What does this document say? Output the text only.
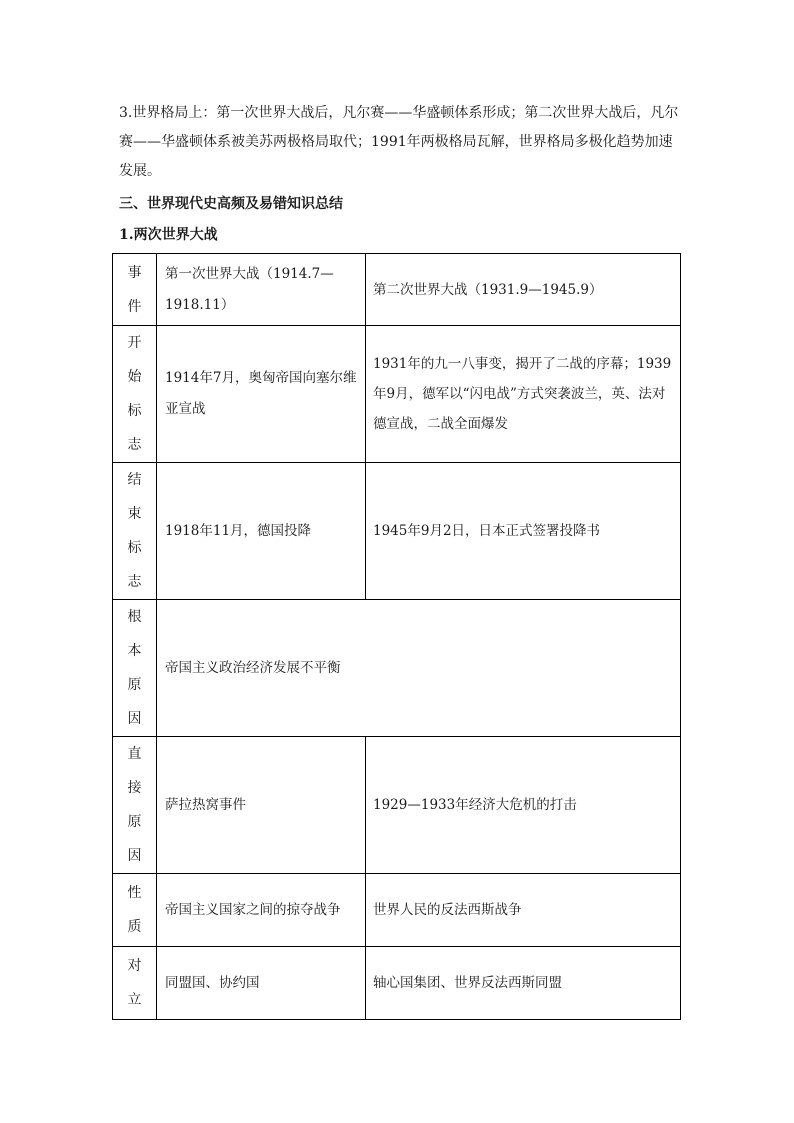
3.世界格局上：第一次世界大战后，凡尔赛——华盛顿体系形成；第二次世界大战后，凡尔赛——华盛顿体系被美苏两极格局取代；1991年两极格局瓦解，世界格局多极化趋势加速发展。
三、世界现代史高频及易错知识总结
1.两次世界大战
事件	第一次世界大战（1914.7—1918.11）	第二次世界大战（1931.9—1945.9）

开始标志	1914年7月，奥匈帝国向塞尔维亚宣战	1931年的九一八事变，揭开了二战的序幕；1939年9月，德军以“闪电战”方式突袭波兰，英、法对德宣战，二战全面爆发

结束标志	1918年11月，德国投降	1945年9月2日，日本正式签署投降书

根本原因	帝国主义政治经济发展不平衡	

直接原因	萨拉热窝事件	1929—1933年经济大危机的打击

性质	帝国主义国家之间的掠夺战争	世界人民的反法西斯战争

对立	同盟国、协约国	轴心国集团、世界反法西斯同盟
